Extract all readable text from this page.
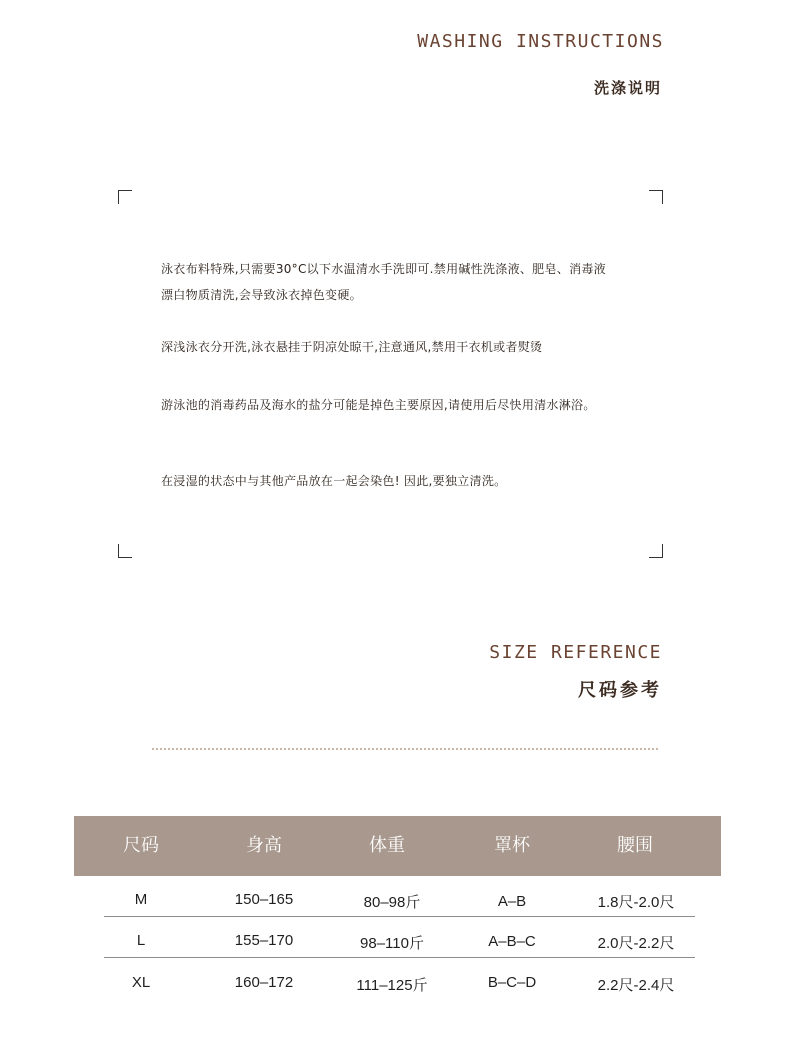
WASHING INSTRUCTIONS
洗涤说明
泳衣布料特殊,只需要30°C以下水温清水手洗即可.禁用碱性洗涤液、肥皂、消毒液漂白物质清洗,会导致泳衣掉色变硬。
深浅泳衣分开洗,泳衣悬挂于阴凉处晾干,注意通风,禁用干衣机或者熨烫
游泳池的消毒药品及海水的盐分可能是掉色主要原因,请使用后尽快用清水淋浴。
在浸湿的状态中与其他产品放在一起会染色! 因此,要独立清洗。
SIZE REFERENCE
尺码参考
尺码	身高	体重	罩杯	腰围
M	150–165	80–98斤	A–B	1.8尺-2.0尺
L	155–170	98–110斤	A–B–C	2.0尺-2.2尺
XL	160–172	111–125斤	B–C–D	2.2尺-2.4尺
